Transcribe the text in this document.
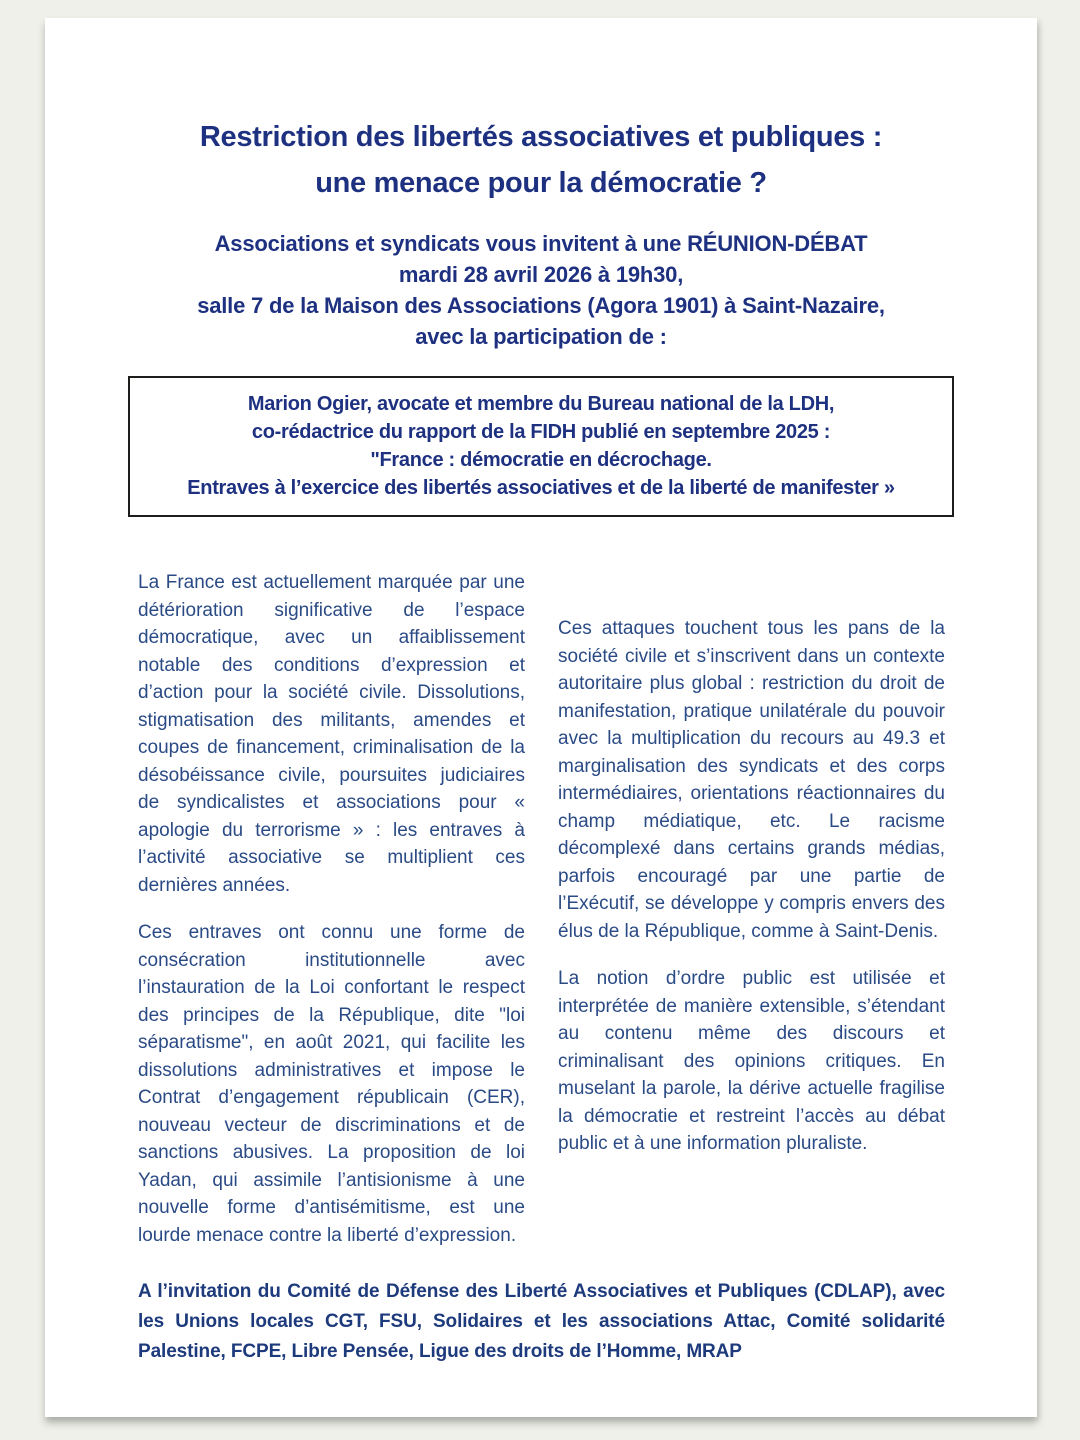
Restriction des libertés associatives et publiques :
une menace pour la démocratie ?
Associations et syndicats vous invitent à une RÉUNION-DÉBAT
mardi 28 avril 2026 à 19h30,
salle 7 de la Maison des Associations (Agora 1901) à Saint-Nazaire,
avec la participation de :
Marion Ogier, avocate et membre du Bureau national de la LDH,
co-rédactrice du rapport de la FIDH publié en septembre 2025 :
"France : démocratie en décrochage.
Entraves à l’exercice des libertés associatives et de la liberté de manifester »

La France est actuellement marquée par une détérioration significative de l’espace démocratique, avec un affaiblissement notable des conditions d’expression et d’action pour la société civile. Dissolutions, stigmatisation des militants, amendes et coupes de financement, criminalisation de la désobéissance civile, poursuites judiciaires de syndicalistes et associations pour « apologie du terrorisme » : les entraves à l’activité associative se multiplient ces dernières années.

Ces entraves ont connu une forme de consécration institutionnelle avec l’instauration de la Loi confortant le respect des principes de la République, dite "loi séparatisme", en août 2021, qui facilite les dissolutions administratives et impose le Contrat d’engagement républicain (CER), nouveau vecteur de discriminations et de sanctions abusives. La proposition de loi Yadan, qui assimile l’antisionisme à une nouvelle forme d’antisémitisme, est une lourde menace contre la liberté d’expression.

Ces attaques touchent tous les pans de la société civile et s’inscrivent dans un contexte autoritaire plus global : restriction du droit de manifestation, pratique unilatérale du pouvoir avec la multiplication du recours au 49.3 et marginalisation des syndicats et des corps intermédiaires, orientations réactionnaires du champ médiatique, etc. Le racisme décomplexé dans certains grands médias, parfois encouragé par une partie de l’Exécutif, se développe y compris envers des élus de la République, comme à Saint-Denis.

La notion d’ordre public est utilisée et interprétée de manière extensible, s’étendant au contenu même des discours et criminalisant des opinions critiques. En muselant la parole, la dérive actuelle fragilise la démocratie et restreint l’accès au débat public et à une information pluraliste.

A l’invitation du Comité de Défense des Liberté Associatives et Publiques (CDLAP), avec les Unions locales CGT, FSU, Solidaires et les associations Attac, Comité solidarité Palestine, FCPE, Libre Pensée, Ligue des droits de l’Homme, MRAP
